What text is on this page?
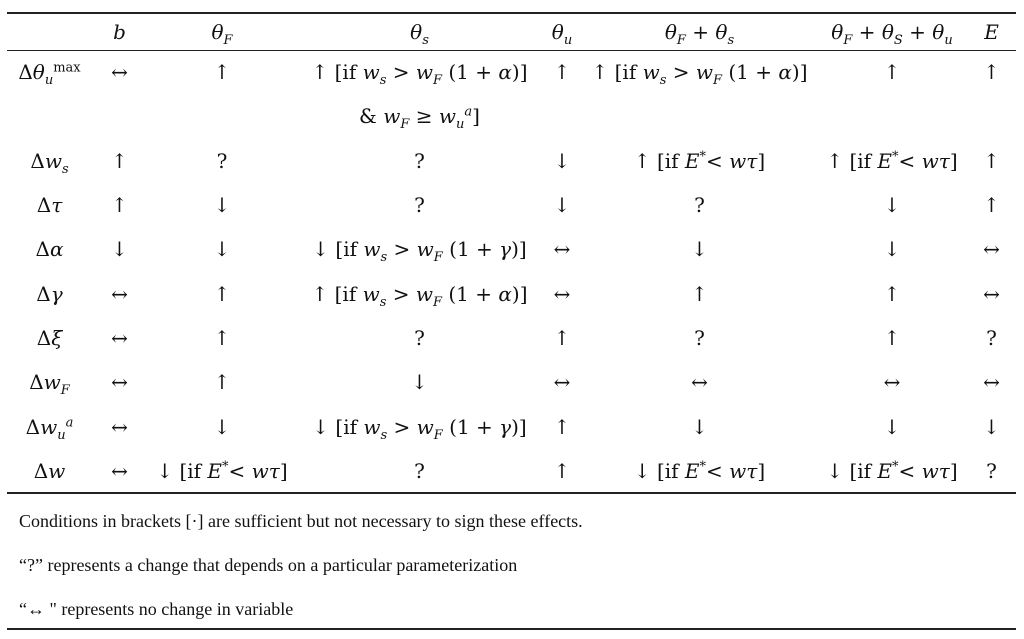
	b	$\theta_F$	$\theta_s$	$\theta_u$	$\theta_F + \theta_s$	$\theta_F + \theta_S + \theta_u$	E
$\Delta\theta_u^{max}$	↔	↑	↑ [if $w_s > w_F$ (1 + α)]	↑	↑ [if $w_s > w_F$ (1 + α)]	↑	↑
			& $w_F \ge w_u^a$]				
$\Delta w_s$	↑	?	?	↓	↑ [if E*< wτ]	↑ [if E*< wτ]	↑
Δτ	↑	↓	?	↓	?	↓	↑
Δα	↓	↓	↓ [if $w_s > w_F$ (1 + γ)]	↔	↓	↓	↔
Δγ	↔	↑	↑ [if $w_s > w_F$ (1 + α)]	↔	↑	↑	↔
Δξ	↔	↑	?	↑	?	↑	?
$\Delta w_F$	↔	↑	↓	↔	↔	↔	↔
$\Delta w_u^a$	↔	↓	↓ [if $w_s > w_F$ (1 + γ)]	↑	↓	↓	↓
Δw	↔	↓ [if E*< wτ]	?	↑	↓ [if E*< wτ]	↓ [if E*< wτ]	?
Conditions in brackets [·] are sufficient but not necessary to sign these effects.
“?” represents a change that depends on a particular parameterization
“↔ " represents no change in variable
